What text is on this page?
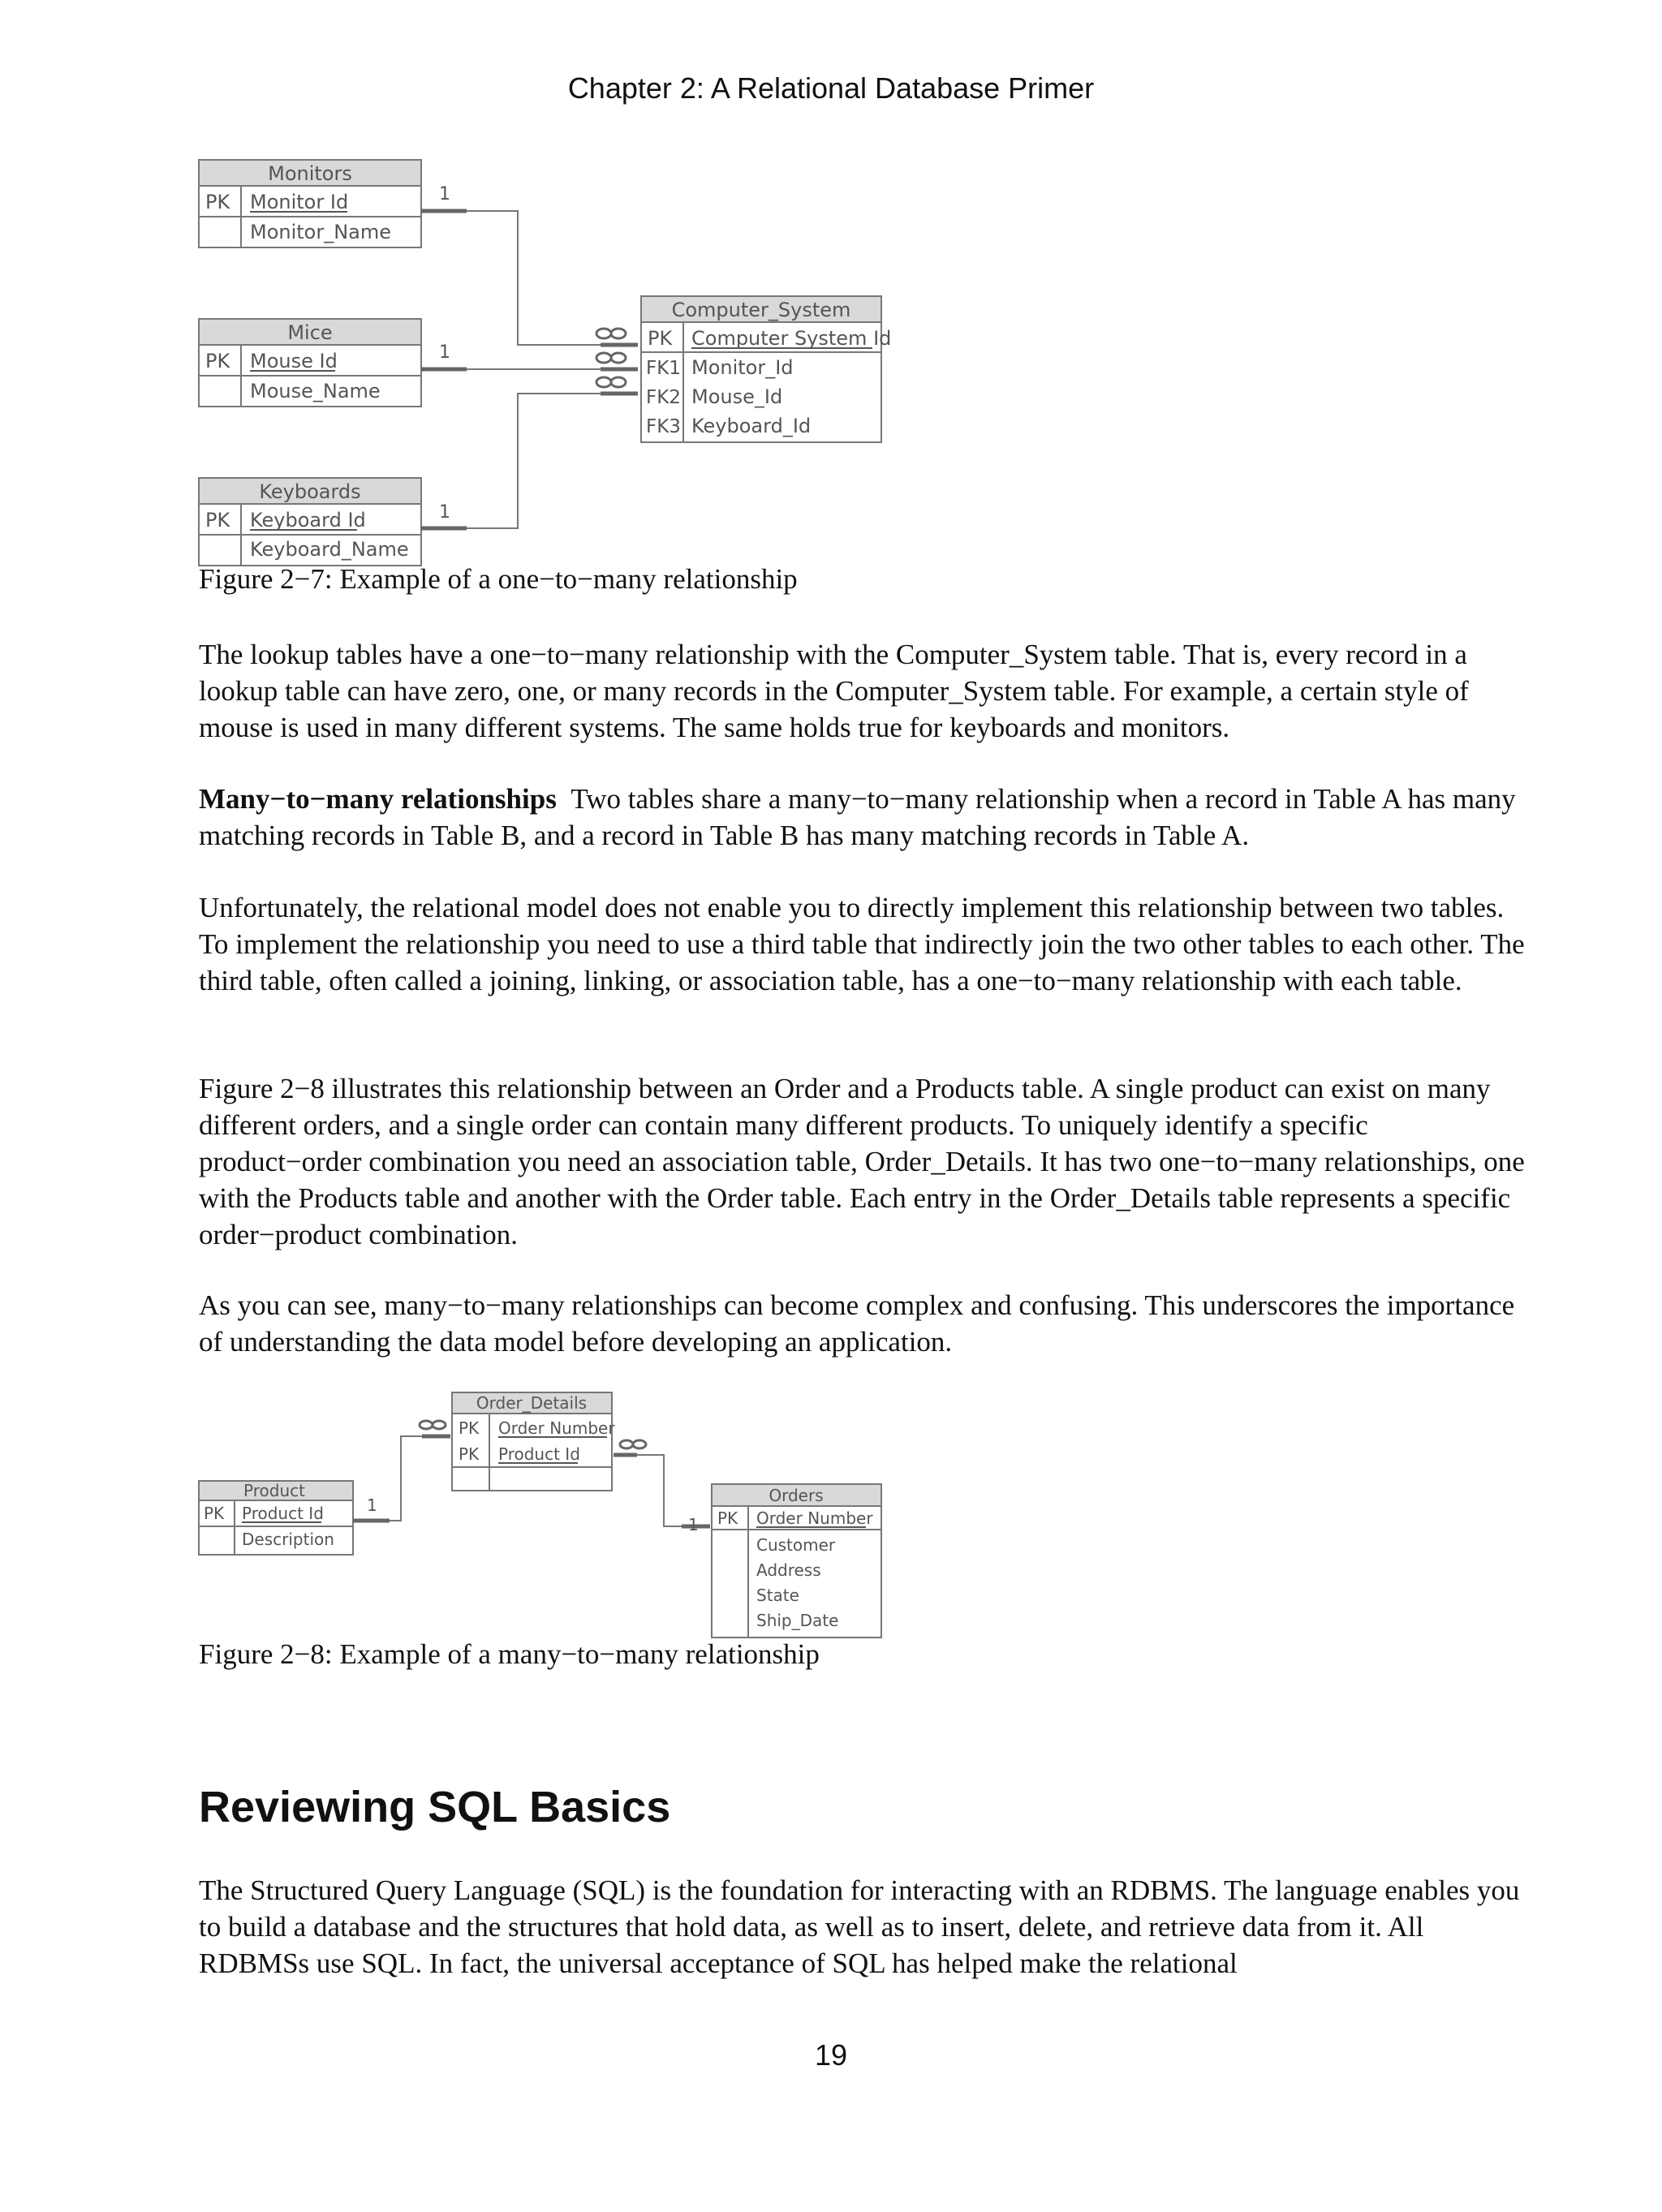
Chapter 2: A Relational Database Primer
Monitors
PK Monitor Id
Monitor_Name
Mice
PK Mouse Id
Mouse_Name
Keyboards
PK Keyboard Id
Keyboard_Name
Computer_System
PK Computer System Id
FK1 Monitor_Id
FK2 Mouse_Id
FK3 Keyboard_Id
1
1
1

Figure 2−7: Example of a one−to−many relationship

The lookup tables have a one−to−many relationship with the Computer_System table. That is, every record in a lookup table can have zero, one, or many records in the Computer_System table. For example, a certain style of mouse is used in many different systems. The same holds true for keyboards and monitors.

Many−to−many relationships Two tables share a many−to−many relationship when a record in Table A has many matching records in Table B, and a record in Table B has many matching records in Table A.

Unfortunately, the relational model does not enable you to directly implement this relationship between two tables. To implement the relationship you need to use a third table that indirectly join the two other tables to each other. The third table, often called a joining, linking, or association table, has a one−to−many relationship with each table.

Figure 2−8 illustrates this relationship between an Order and a Products table. A single product can exist on many different orders, and a single order can contain many different products. To uniquely identify a specific product−order combination you need an association table, Order_Details. It has two one−to−many relationships, one with the Products table and another with the Order table. Each entry in the Order_Details table represents a specific order−product combination.

As you can see, many−to−many relationships can become complex and confusing. This underscores the importance of understanding the data model before developing an application.

Order_Details
PK Order Number
PK Product Id
Product
PK Product Id
Description
Orders
PK Order Number
Customer
Address
State
Ship_Date
1
1

Figure 2−8: Example of a many−to−many relationship

Reviewing SQL Basics

The Structured Query Language (SQL) is the foundation for interacting with an RDBMS. The language enables you to build a database and the structures that hold data, as well as to insert, delete, and retrieve data from it. All RDBMSs use SQL. In fact, the universal acceptance of SQL has helped make the relational

19
